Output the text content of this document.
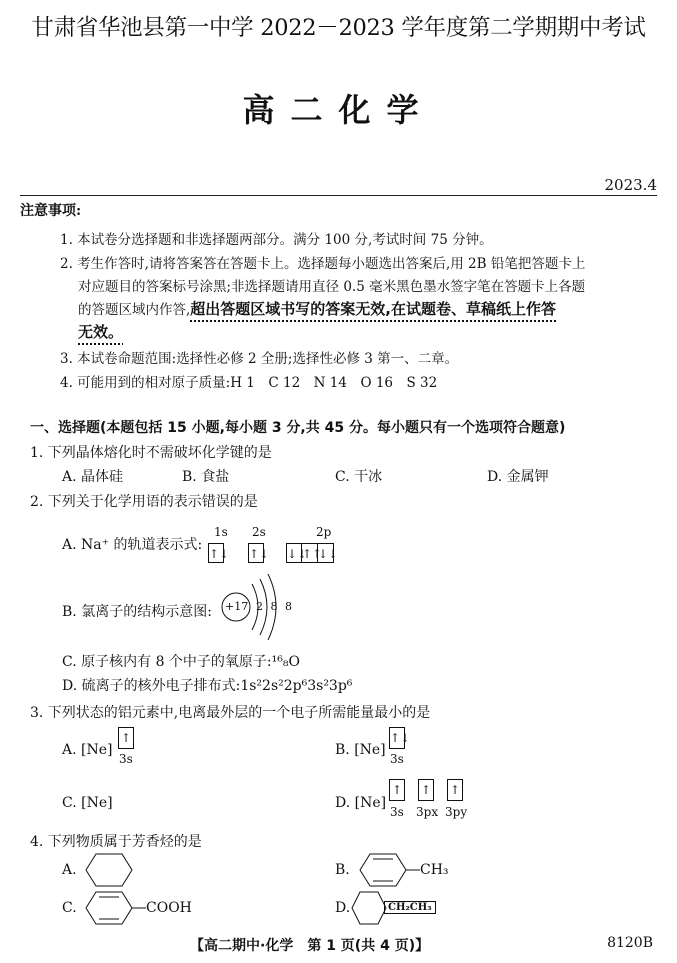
甘肃省华池县第一中学 2022－2023 学年度第二学期期中考试
高二化学
2023.4
注意事项:
1. 本试卷分选择题和非选择题两部分。满分 100 分,考试时间 75 分钟。
2. 考生作答时,请将答案答在答题卡上。选择题每小题选出答案后,用 2B 铅笔把答题卡上
对应题目的答案标号涂黑;非选择题请用直径 0.5 毫米黑色墨水签字笔在答题卡上各题
的答题区域内作答,超出答题区域书写的答案无效,在试题卷、草稿纸上作答
无效。
3. 本试卷命题范围:选择性必修 2 全册;选择性必修 3 第一、二章。
4. 可能用到的相对原子质量:H 1　C 12　N 14　O 16　S 32
一、选择题(本题包括 15 小题,每小题 3 分,共 45 分。每小题只有一个选项符合题意)
1. 下列晶体熔化时不需破坏化学键的是
A. 晶体硅	B. 食盐	C. 干冰	D. 金属钾
2. 下列关于化学用语的表示错误的是
A. Na⁺ 的轨道表示式:
1s 2s	2p
↑↓ ↑↓ ↓↓
↑↑
↓↓
B. 氯离子的结构示意图: +17 2 8 8
C. 原子核内有 8 个中子的氧原子:¹⁶₈O
D. 硫离子的核外电子排布式:1s²2s²2p⁶3s²3p⁶
3. 下列状态的铝元素中,电离最外层的一个电子所需能量最小的是
A. [Ne]
↑
3s
B. [Ne]
↑↓
3s
C. [Ne]	D. [Ne]
↑ ↑ ↑
3s 3px 3py
4. 下列物质属于芳香烃的是
A.	B.	CH₃
C.	COOH	D.	CH₂CH₃
【高二期中·化学　第 1 页(共 4 页)】	8120B
